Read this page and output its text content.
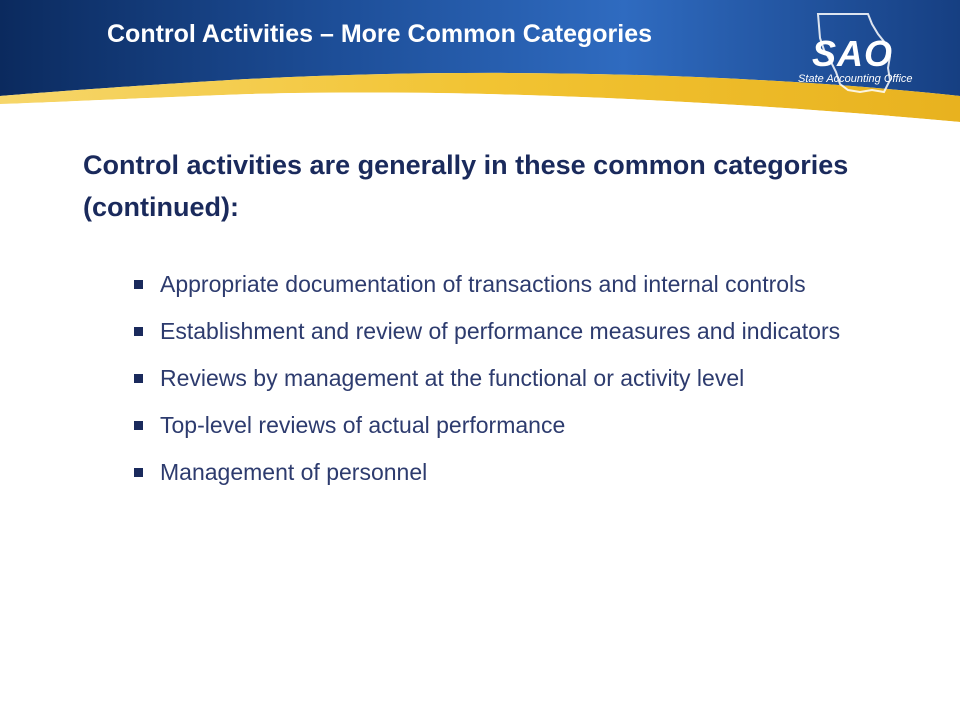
Control Activities – More Common Categories	SAO
State Accounting Office

Control activities are generally in these common categories (continued):

Appropriate documentation of transactions and internal controls
Establishment and review of performance measures and indicators
Reviews by management at the functional or activity level
Top-level reviews of actual performance
Management of personnel
